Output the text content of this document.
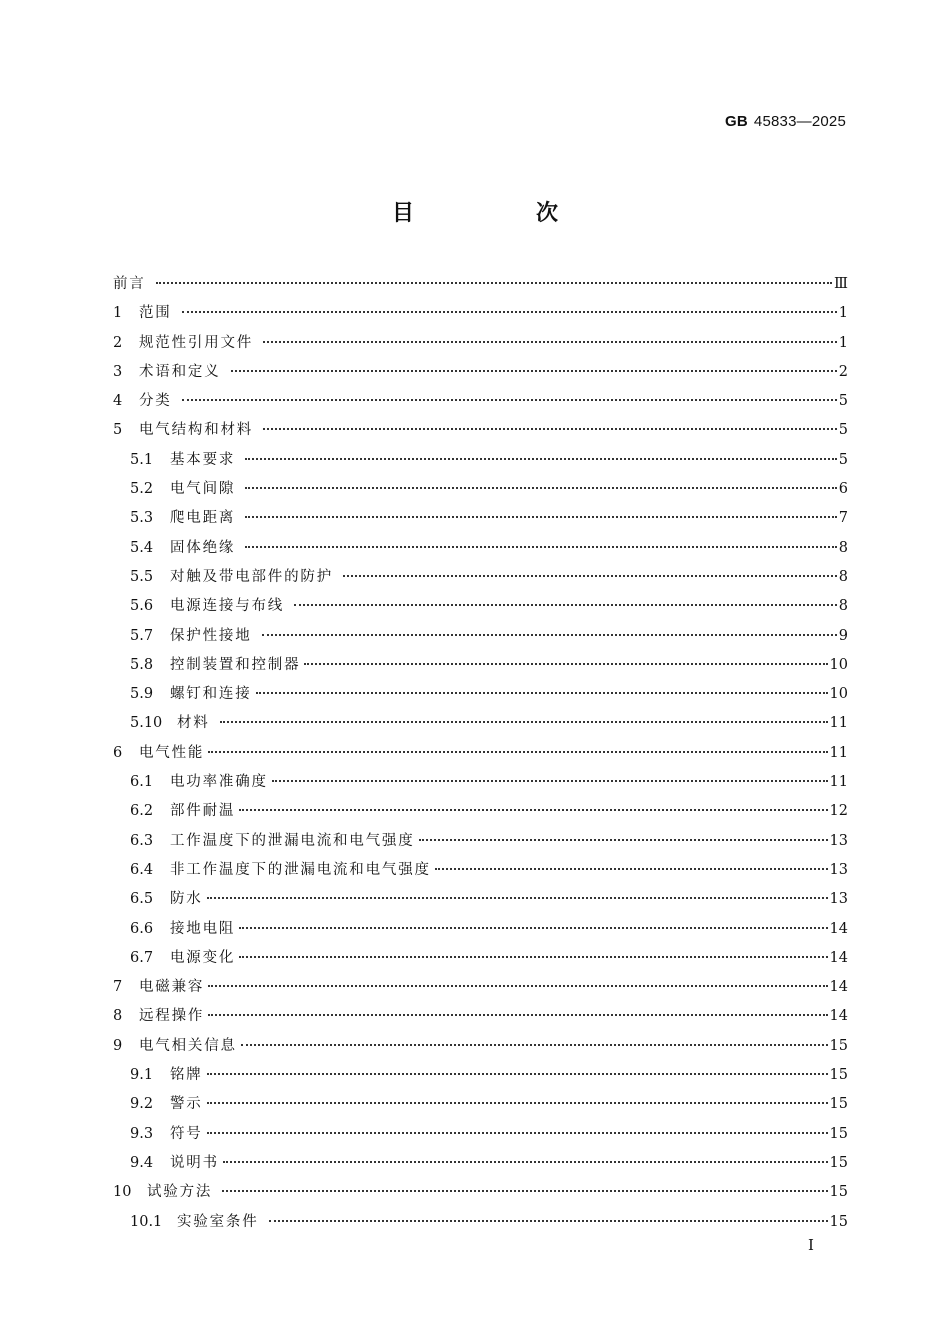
GB 45833—2025
目　次
前言	Ⅲ
1	范围	1
2	规范性引用文件	1
3	术语和定义	2
4	分类	5
5	电气结构和材料	5
5.1	基本要求	5
5.2	电气间隙	6
5.3	爬电距离	7
5.4	固体绝缘	8
5.5	对触及带电部件的防护	8
5.6	电源连接与布线	8
5.7	保护性接地	9
5.8	控制装置和控制器	10
5.9	螺钉和连接	10
5.10	材料	11
6	电气性能	11
6.1	电功率准确度	11
6.2	部件耐温	12
6.3	工作温度下的泄漏电流和电气强度	13
6.4	非工作温度下的泄漏电流和电气强度	13
6.5	防水	13
6.6	接地电阻	14
6.7	电源变化	14
7	电磁兼容	14
8	远程操作	14
9	电气相关信息	15
9.1	铭牌	15
9.2	警示	15
9.3	符号	15
9.4	说明书	15
10	试验方法	15
10.1	实验室条件	15
Ⅰ
